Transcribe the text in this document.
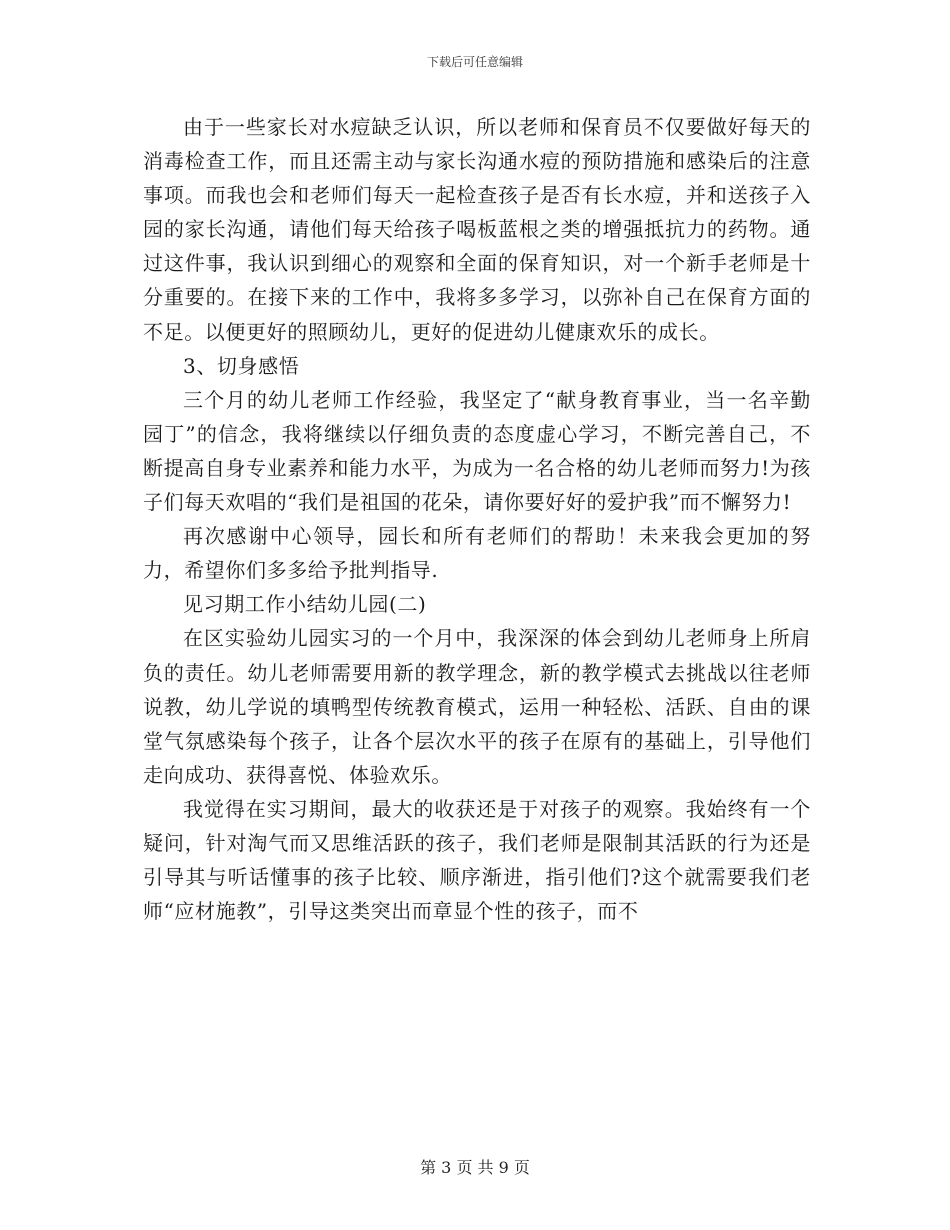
下载后可任意编辑

由于一些家长对水痘缺乏认识，所以老师和保育员不仅要做好每天的消毒检查工作，而且还需主动与家长沟通水痘的预防措施和感染后的注意事项。而我也会和老师们每天一起检查孩子是否有长水痘，并和送孩子入园的家长沟通，请他们每天给孩子喝板蓝根之类的增强抵抗力的药物。通过这件事，我认识到细心的观察和全面的保育知识，对一个新手老师是十分重要的。在接下来的工作中，我将多多学习，以弥补自己在保育方面的不足。以便更好的照顾幼儿，更好的促进幼儿健康欢乐的成长。

3、切身感悟

三个月的幼儿老师工作经验，我坚定了“献身教育事业，当一名辛勤园丁”的信念，我将继续以仔细负责的态度虚心学习，不断完善自己，不断提高自身专业素养和能力水平，为成为一名合格的幼儿老师而努力!为孩子们每天欢唱的“我们是祖国的花朵，请你要好好的爱护我”而不懈努力!

再次感谢中心领导，园长和所有老师们的帮助！未来我会更加的努力，希望你们多多给予批判指导.

见习期工作小结幼儿园(二)

在区实验幼儿园实习的一个月中，我深深的体会到幼儿老师身上所肩负的责任。幼儿老师需要用新的教学理念，新的教学模式去挑战以往老师说教，幼儿学说的填鸭型传统教育模式，运用一种轻松、活跃、自由的课堂气氛感染每个孩子，让各个层次水平的孩子在原有的基础上，引导他们走向成功、获得喜悦、体验欢乐。

我觉得在实习期间，最大的收获还是于对孩子的观察。我始终有一个疑问，针对淘气而又思维活跃的孩子，我们老师是限制其活跃的行为还是引导其与听话懂事的孩子比较、顺序渐进，指引他们?这个就需要我们老师“应材施教”，引导这类突出而章显个性的孩子，而不

第 3 页 共 9 页
